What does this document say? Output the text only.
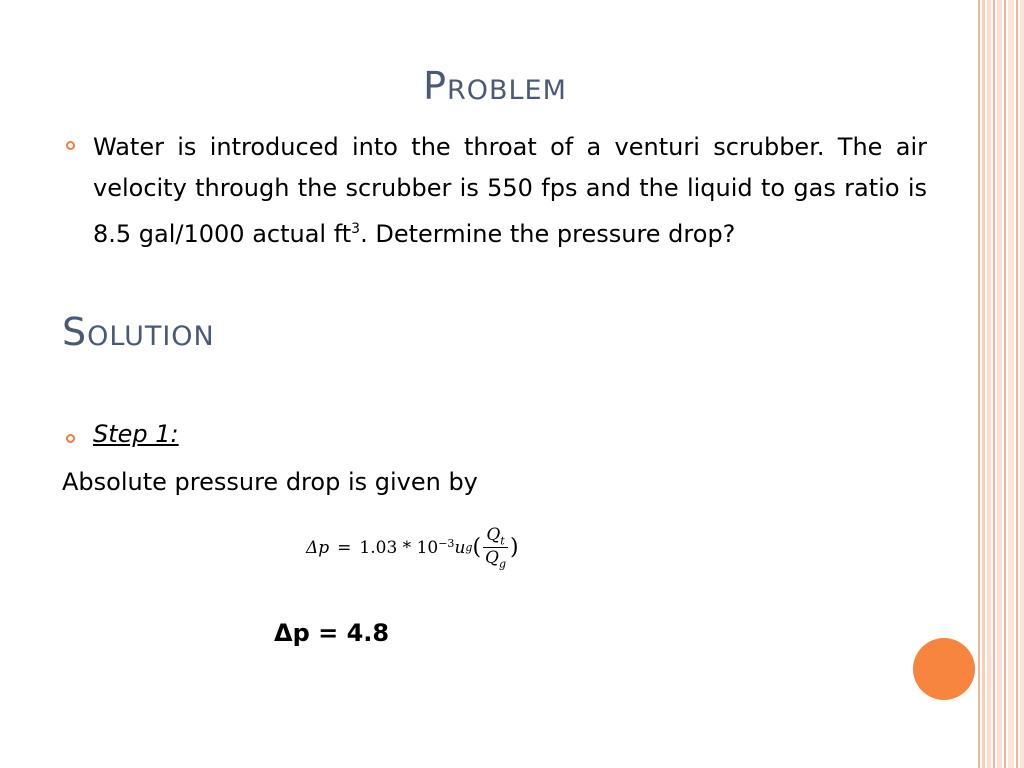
Problem
Water is introduced into the throat of a venturi scrubber. The air velocity through the scrubber is 550 fps and the liquid to gas ratio is 8.5 gal/1000 actual $ft^3$. Determine the pressure drop?
Solution
Step 1:
Absolute pressure drop is given by
$\Delta p = 1.03 * 10^{-3}$ u g ( $\frac{Q_t}{Q_g}$ )
Δp = 4.8
